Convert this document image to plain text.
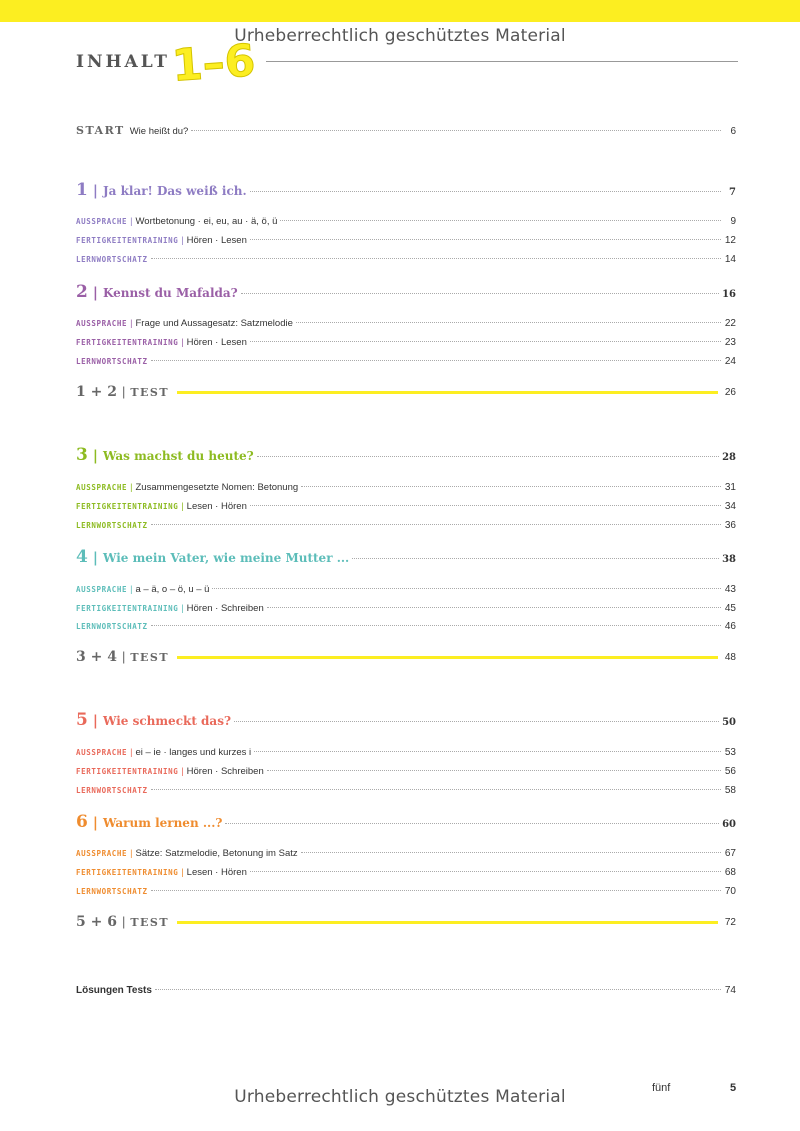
Urheberrechtlich geschütztes Material
INHALT 1–6
START Wie heißt du?	6
1 | Ja klar! Das weiß ich.	7
AUSSPRACHE | Wortbetonung · ei, eu, au · ä, ö, ü	9
FERTIGKEITENTRAINING | Hören · Lesen	12
LERNWORTSCHATZ	14
2 | Kennst du Mafalda?	16
AUSSPRACHE | Frage und Aussagesatz: Satzmelodie	22
FERTIGKEITENTRAINING | Hören · Lesen	23
LERNWORTSCHATZ	24
1 + 2 | TEST	26
3 | Was machst du heute?	28
AUSSPRACHE | Zusammengesetzte Nomen: Betonung	31
FERTIGKEITENTRAINING | Lesen · Hören	34
LERNWORTSCHATZ	36
4 | Wie mein Vater, wie meine Mutter ...	38
AUSSPRACHE | a – ä, o – ö, u – ü	43
FERTIGKEITENTRAINING | Hören · Schreiben	45
LERNWORTSCHATZ	46
3 + 4 | TEST	48
5 | Wie schmeckt das?	50
AUSSPRACHE | ei – ie · langes und kurzes i	53
FERTIGKEITENTRAINING | Hören · Schreiben	56
LERNWORTSCHATZ	58
6 | Warum lernen ...?	60
AUSSPRACHE | Sätze: Satzmelodie, Betonung im Satz	67
FERTIGKEITENTRAINING | Lesen · Hören	68
LERNWORTSCHATZ	70
5 + 6 | TEST	72
Lösungen Tests	74
fünf	5
Urheberrechtlich geschütztes Material
